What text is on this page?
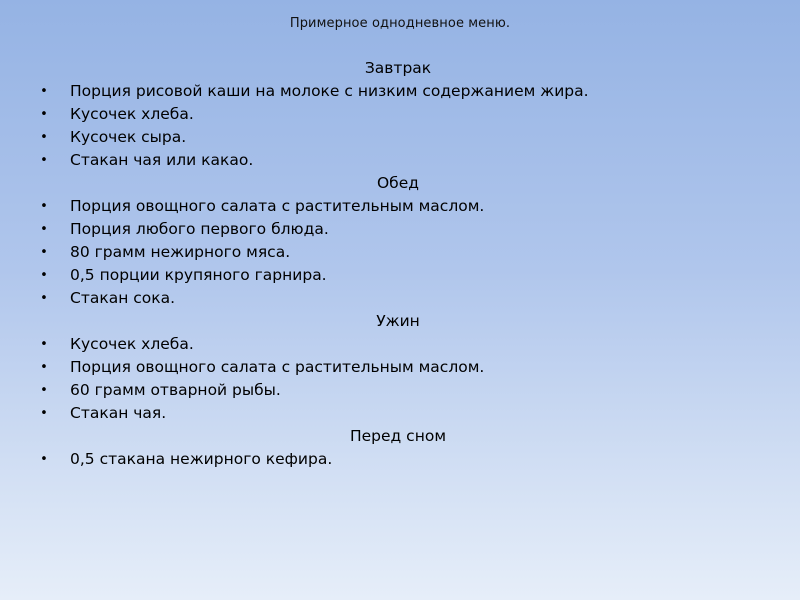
Примерное однодневное меню.
Завтрак
• Порция рисовой каши на молоке с низким содержанием жира.
• Кусочек хлеба.
• Кусочек сыра.
• Стакан чая или какао.
Обед
• Порция овощного салата с растительным маслом.
• Порция любого первого блюда.
• 80 грамм нежирного мяса.
• 0,5 порции крупяного гарнира.
• Стакан сока.
Ужин
• Кусочек хлеба.
• Порция овощного салата с растительным маслом.
• 60 грамм отварной рыбы.
• Стакан чая.
Перед сном
• 0,5 стакана нежирного кефира.
